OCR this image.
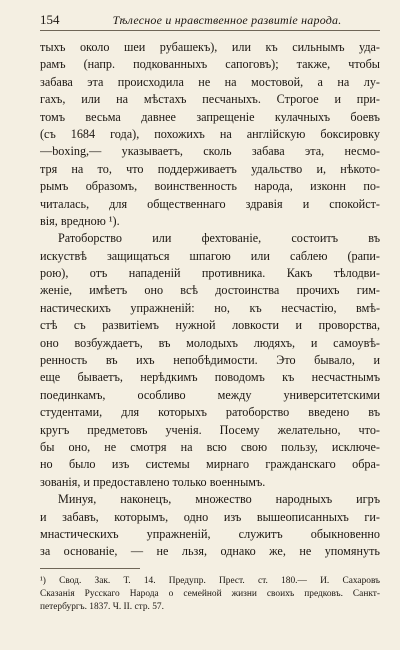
154	Тѣлесное и нравственное развитіе народа.
тыхъ около шеи рубашекъ), или къ сильнымъ уда-
рамъ (напр. подкованныхъ сапоговъ); также, чтобы
забава эта происходила не на мостовой, а на лу-
гахъ, или на мѣстахъ песчаныхъ. Строгое и при-
томъ весьма давнее запрещеніе кулачныхъ боевъ
(съ 1684 года), похожихъ на англійскую боксировку
—boxing,— указываетъ, сколь забава эта, несмо-
тря на то, что поддерживаетъ удальство и, нѣкото-
рымъ образомъ, воинственность народа, изконн по-
читалась, для общественнаго здравія и спокойст-
вія, вредною ¹).
Ратоборство или фехтованіе, состоитъ въ
искуствѣ защищаться шпагою или саблею (рапи-
рою), отъ нападеній противника. Какъ тѣлодви-
женіе, имѣетъ оно всѣ достоинства прочихъ гим-
настическихъ упражненій: но, къ несчастію, вмѣ-
стѣ съ развитіемъ нужной ловкости и проворства,
оно возбуждаетъ, въ молодыхъ людяхъ, и самоувѣ-
ренность въ ихъ непобѣдимости. Это бывало, и
еще бываетъ, нерѣдкимъ поводомъ къ несчастнымъ
поединкамъ, особливо между университетскими
студентами, для которыхъ ратоборство введено въ
кругъ предметовъ ученія. Посему желательно, что-
бы оно, не смотря на всю свою пользу, исключе-
но было изъ системы мирнаго гражданскаго обра-
зованія, и предоставлено только военнымъ.
Минуя, наконецъ, множество народныхъ игръ
и забавъ, которымъ, одно изъ вышеописанныхъ ги-
мнастическихъ упражненій, служитъ обыкновенно
за основаніе, — не льзя, однако же, не упомянуть
¹) Свод. Зак. Т. 14. Предупр. Прест. ст. 180.— И. Сахаровъ
Сказанія Русскаго Народа о семейной жизни своихъ предковъ. Санкт-
петербургъ. 1837. Ч. II. стр. 57.
